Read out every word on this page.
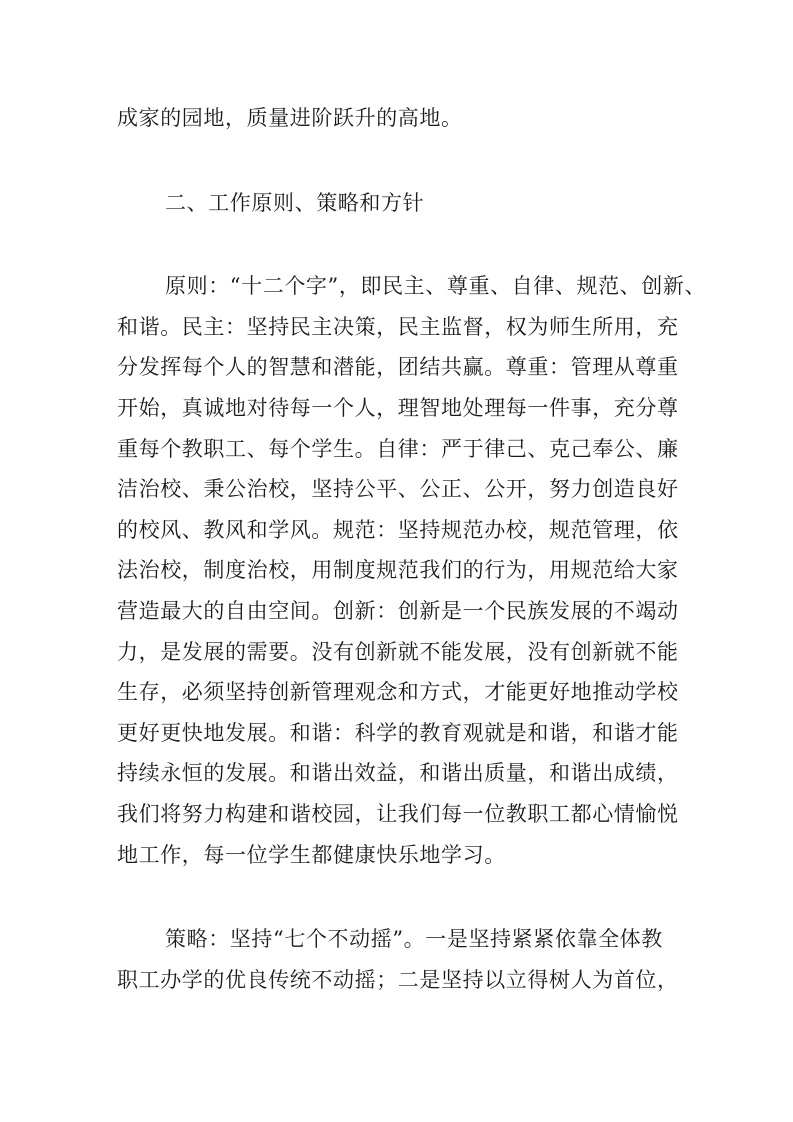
成家的园地，质量进阶跃升的高地。
二、工作原则、策略和方针
原则：“十二个字”，即民主、尊重、自律、规范、创新、
和谐。民主：坚持民主决策，民主监督，权为师生所用，充
分发挥每个人的智慧和潜能，团结共赢。尊重：管理从尊重
开始，真诚地对待每一个人，理智地处理每一件事，充分尊
重每个教职工、每个学生。自律：严于律己、克己奉公、廉
洁治校、秉公治校，坚持公平、公正、公开，努力创造良好
的校风、教风和学风。规范：坚持规范办校，规范管理，依
法治校，制度治校，用制度规范我们的行为，用规范给大家
营造最大的自由空间。创新：创新是一个民族发展的不竭动
力，是发展的需要。没有创新就不能发展，没有创新就不能
生存，必须坚持创新管理观念和方式，才能更好地推动学校
更好更快地发展。和谐：科学的教育观就是和谐，和谐才能
持续永恒的发展。和谐出效益，和谐出质量，和谐出成绩，
我们将努力构建和谐校园，让我们每一位教职工都心情愉悦
地工作，每一位学生都健康快乐地学习。
策略：坚持“七个不动摇”。一是坚持紧紧依靠全体教
职工办学的优良传统不动摇；二是坚持以立得树人为首位，
